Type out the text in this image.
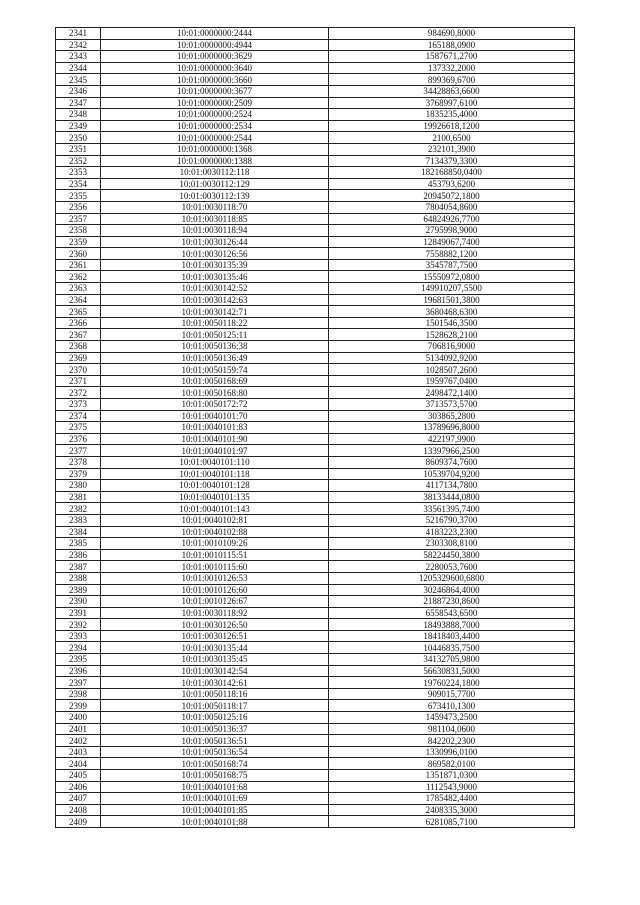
2341	10:01:0000000:2444	984690,8000
2342	10:01:0000000:4944	165188,0900
2343	10:01:0000000:3629	1587671,2700
2344	10:01:0000000:3640	137332,2000
2345	10:01:0000000:3660	899369,6700
2346	10:01:0000000:3677	34428863,6600
2347	10:01:0000000:2509	3768997,6100
2348	10:01:0000000:2524	1835235,4000
2349	10:01:0000000:2534	19926618,1200
2350	10:01:0000000:2544	2100,6500
2351	10:01:0000000:1368	232101,3900
2352	10:01:0000000:1388	7134379,3300
2353	10:01:0030112:118	182168850,0400
2354	10:01:0030112:129	453793,6200
2355	10:01:0030112:139	20945072,1800
2356	10:01:0030118:70	7804054,8600
2357	10:01:0030118:85	64824926,7700
2358	10:01:0030118:94	2795998,9000
2359	10:01:0030126:44	12849067,7400
2360	10:01:0030126:56	7558882,1200
2361	10:01:0030135:39	3545787,7500
2362	10:01:0030135:46	15550972,0800
2363	10:01:0030142:52	149910207,5500
2364	10:01:0030142:63	19681501,3800
2365	10:01:0030142:71	3680468,6300
2366	10:01:0050118:22	1501546,3500
2367	10:01:0050125:11	1528628,2100
2368	10:01:0050136:38	706816,9000
2369	10:01:0050136:49	5134092,9200
2370	10:01:0050159:74	1028507,2600
2371	10:01:0050168:69	1959767,0400
2372	10:01:0050168:80	2498472,1400
2373	10:01:0050172:72	3713573,5700
2374	10:01:0040101:70	303865,2800
2375	10:01:0040101:83	13789696,8000
2376	10:01:0040101:90	422197,9900
2377	10:01:0040101:97	13397966,2500
2378	10:01:0040101:110	8609374,7600
2379	10:01:0040101:118	10539704,9200
2380	10:01:0040101:128	4117134,7800
2381	10:01:0040101:135	38133444,0800
2382	10:01:0040101:143	33561395,7400
2383	10:01:0040102:81	5216790,3700
2384	10:01:0040102:88	4183223,2300
2385	10:01:0010109:26	2303308,8100
2386	10:01:0010115:51	58224450,3800
2387	10:01:0010115:60	2280053,7600
2388	10:01:0010126:53	1205329600,6800
2389	10:01:0010126:60	30246864,4000
2390	10:01:0010126:67	21887230,8600
2391	10:01:0030118:92	6558543,6500
2392	10:01:0030126:50	18493888,7000
2393	10:01:0030126:51	18418403,4400
2394	10:01:0030135:44	10446835,7500
2395	10:01:0030135:45	34132705,9800
2396	10:01:0030142:54	56630831,5000
2397	10:01:0030142:61	19760224,1800
2398	10:01:0050118:16	909015,7700
2399	10:01:0050118:17	673410,1300
2400	10:01:0050125:16	1459473,2500
2401	10:01:0050136:37	981104,0600
2402	10:01:0050136:51	842202,2300
2403	10:01:0050136:54	1330996,0100
2404	10:01:0050168:74	869582,0100
2405	10:01:0050168:75	1351871,0300
2406	10:01:0040101:68	1112543,9000
2407	10:01:0040101:69	1785482,4400
2408	10:01:0040101:85	2408335,3000
2409	10:01:0040101:88	6281085,7100
